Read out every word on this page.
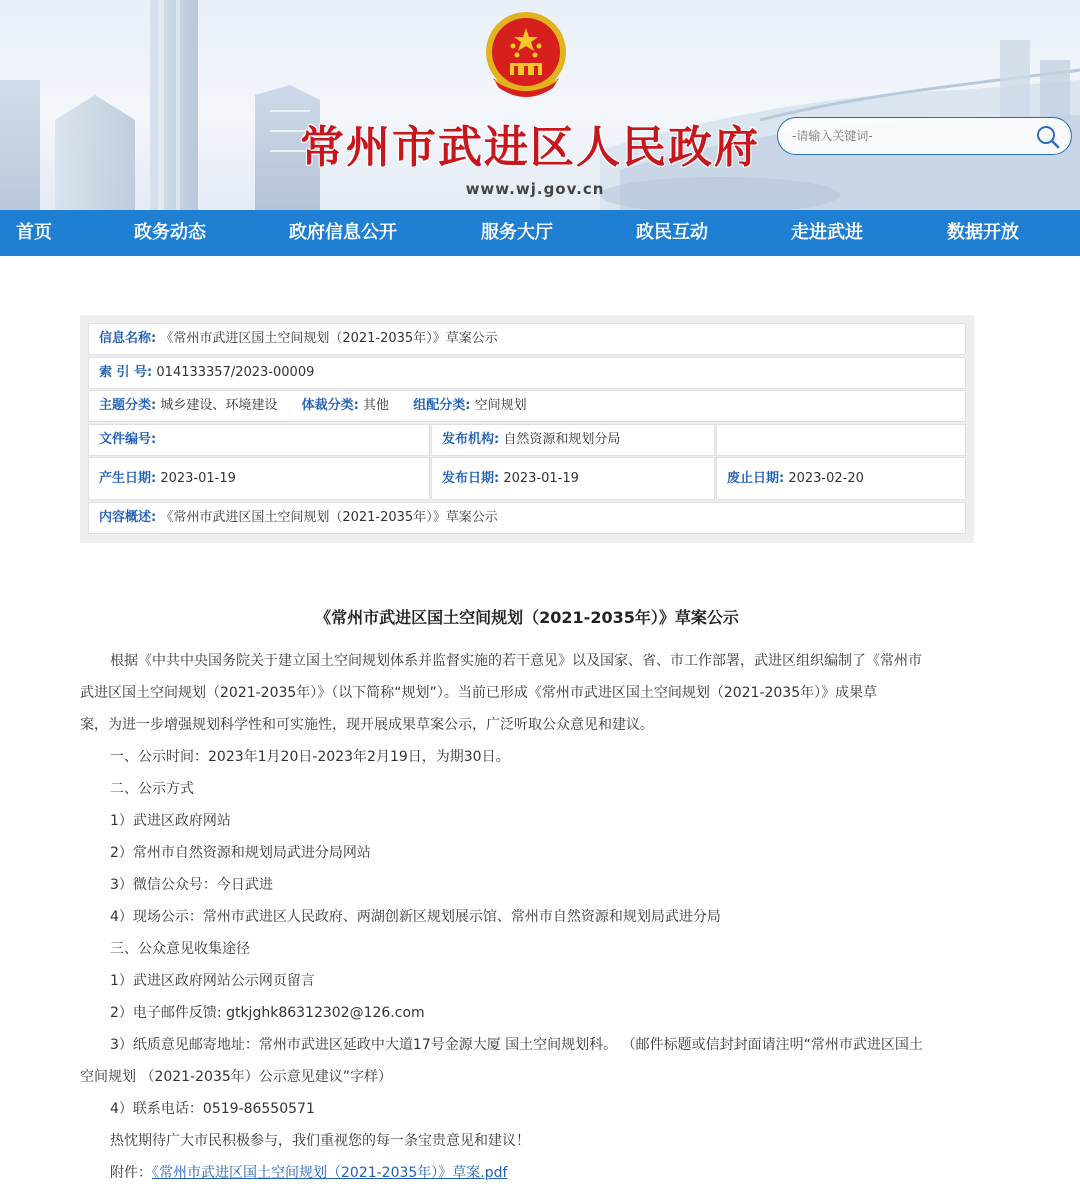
常州市武进区人民政府
www.wj.gov.cn
-请输入关键词-
首页	政务动态	政府信息公开	服务大厅	政民互动	走进武进	数据开放
信息名称: 《常州市武进区国土空间规划（2021-2035年）》草案公示
索 引 号: 014133357/2023-00009
主题分类: 城乡建设、环境建设 体裁分类: 其他 组配分类: 空间规划
文件编号:	发布机构: 自然资源和规划分局
产生日期: 2023-01-19	发布日期: 2023-01-19	废止日期: 2023-02-20
内容概述: 《常州市武进区国土空间规划（2021-2035年）》草案公示
《常州市武进区国土空间规划（2021-2035年）》草案公示
根据《中共中央国务院关于建立国土空间规划体系并监督实施的若干意见》以及国家、省、市工作部署，武进区组织编制了《常州市
武进区国土空间规划（2021-2035年）》（以下简称“规划”）。当前已形成《常州市武进区国土空间规划（2021-2035年）》成果草
案，为进一步增强规划科学性和可实施性，现开展成果草案公示，广泛听取公众意见和建议。
一、公示时间：2023年1月20日-2023年2月19日，为期30日。
二、公示方式
1）武进区政府网站
2）常州市自然资源和规划局武进分局网站
3）微信公众号：今日武进
4）现场公示：常州市武进区人民政府、两湖创新区规划展示馆、常州市自然资源和规划局武进分局
三、公众意见收集途径
1）武进区政府网站公示网页留言
2）电子邮件反馈: gtkjghk86312302@126.com
3）纸质意见邮寄地址：常州市武进区延政中大道17号金源大厦 国土空间规划科。 （邮件标题或信封封面请注明“常州市武进区国土
空间规划 （2021-2035年）公示意见建议”字样）
4）联系电话：0519-86550571
热忱期待广大市民积极参与，我们重视您的每一条宝贵意见和建议！
附件：《常州市武进区国土空间规划（2021-2035年）》草案.pdf
